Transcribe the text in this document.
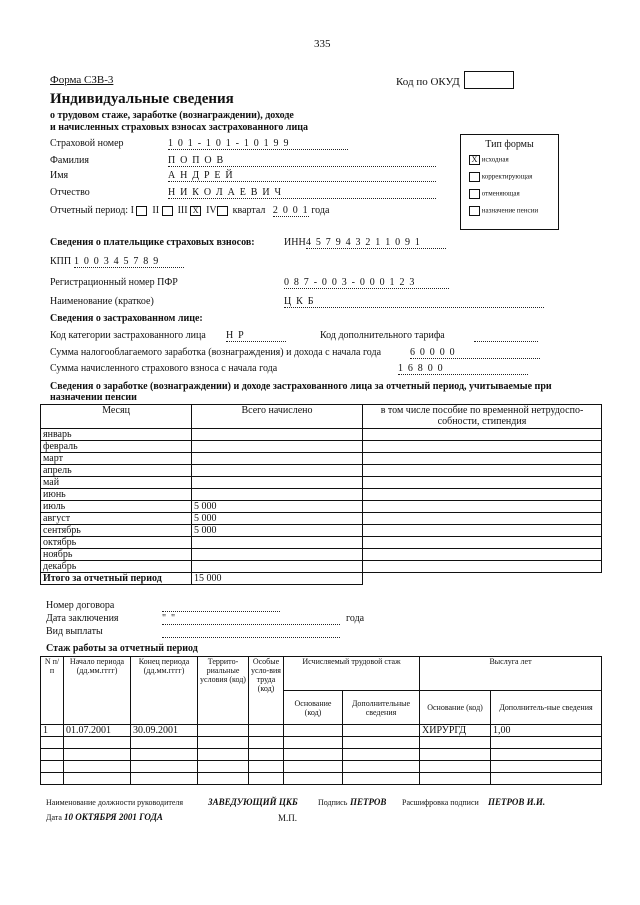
335
Форма СЗВ-3	Код по ОКУД
Индивидуальные сведения
о трудовом стаже, заработке (вознаграждении), доходе
и начисленных страховых взносах застрахованного лица
Страховой номер	1 0 1 - 1 0 1 - 1 0 1 9 9
Фамилия	П О П О В
Имя	А Н Д Р Е Й
Отчество	Н И К О Л А Е В И Ч
Отчетный период: I II III X IV квартал 2 0 0 1 года
Тип формы
Х исходная
корректирующая
отменяющая
назначение пенсии
Сведения о плательщике страховых взносов:	ИНН 4 5 7 9 4 3 2 1 1 0 9 1
КПП 1 0 0 3 4 5 7 8 9
Регистрационный номер ПФР	0 8 7 - 0 0 3 - 0 0 0 1 2 3
Наименование (краткое)	Ц К Б
Сведения о застрахованном лице:
Код категории застрахованного лица Н Р	Код дополнительного тарифа
Сумма налогооблагаемого заработка (вознаграждения) и дохода с начала года	6 0 0 0 0
Сумма начисленного страхового взноса с начала года	1 6 8 0 0
Сведения о заработке (вознаграждении) и доходе застрахованного лица за отчетный период, учитываемые при
назначении пенсии
Месяц	Всего начислено	в том числе пособие по временной нетрудоспо-
собности, стипендия
январь		
февраль		
март		
апрель		
май		
июнь		
июль	5 000	
август	5 000	
сентябрь	5 000	
октябрь		
ноябрь		
декабрь		
Итого за отчетный период	15 000	
Номер договора
Дата заключения	" "	года
Вид выплаты
Стаж работы за отчетный период
N п/п	Начало периода (дд.мм.гггг)	Конец периода (дд.мм.гггг)	Террито-риальные условия (код)	Особые усло-вия труда (код)	Исчисляемый трудовой стаж		Выслуга лет	
					Основание (код)	Дополнительные сведения	Основание (код)	Дополнитель-ные сведения
1	01.07.2001	30.09.2001					ХИРУРГД	1,00

Наименование должности руководителя	ЗАВЕДУЮЩИЙ ЦКБ	Подпись ПЕТРОВ Расшифровка подписи ПЕТРОВ И.И.
Дата 10 ОКТЯБРЯ 2001 ГОДА	М.П.
